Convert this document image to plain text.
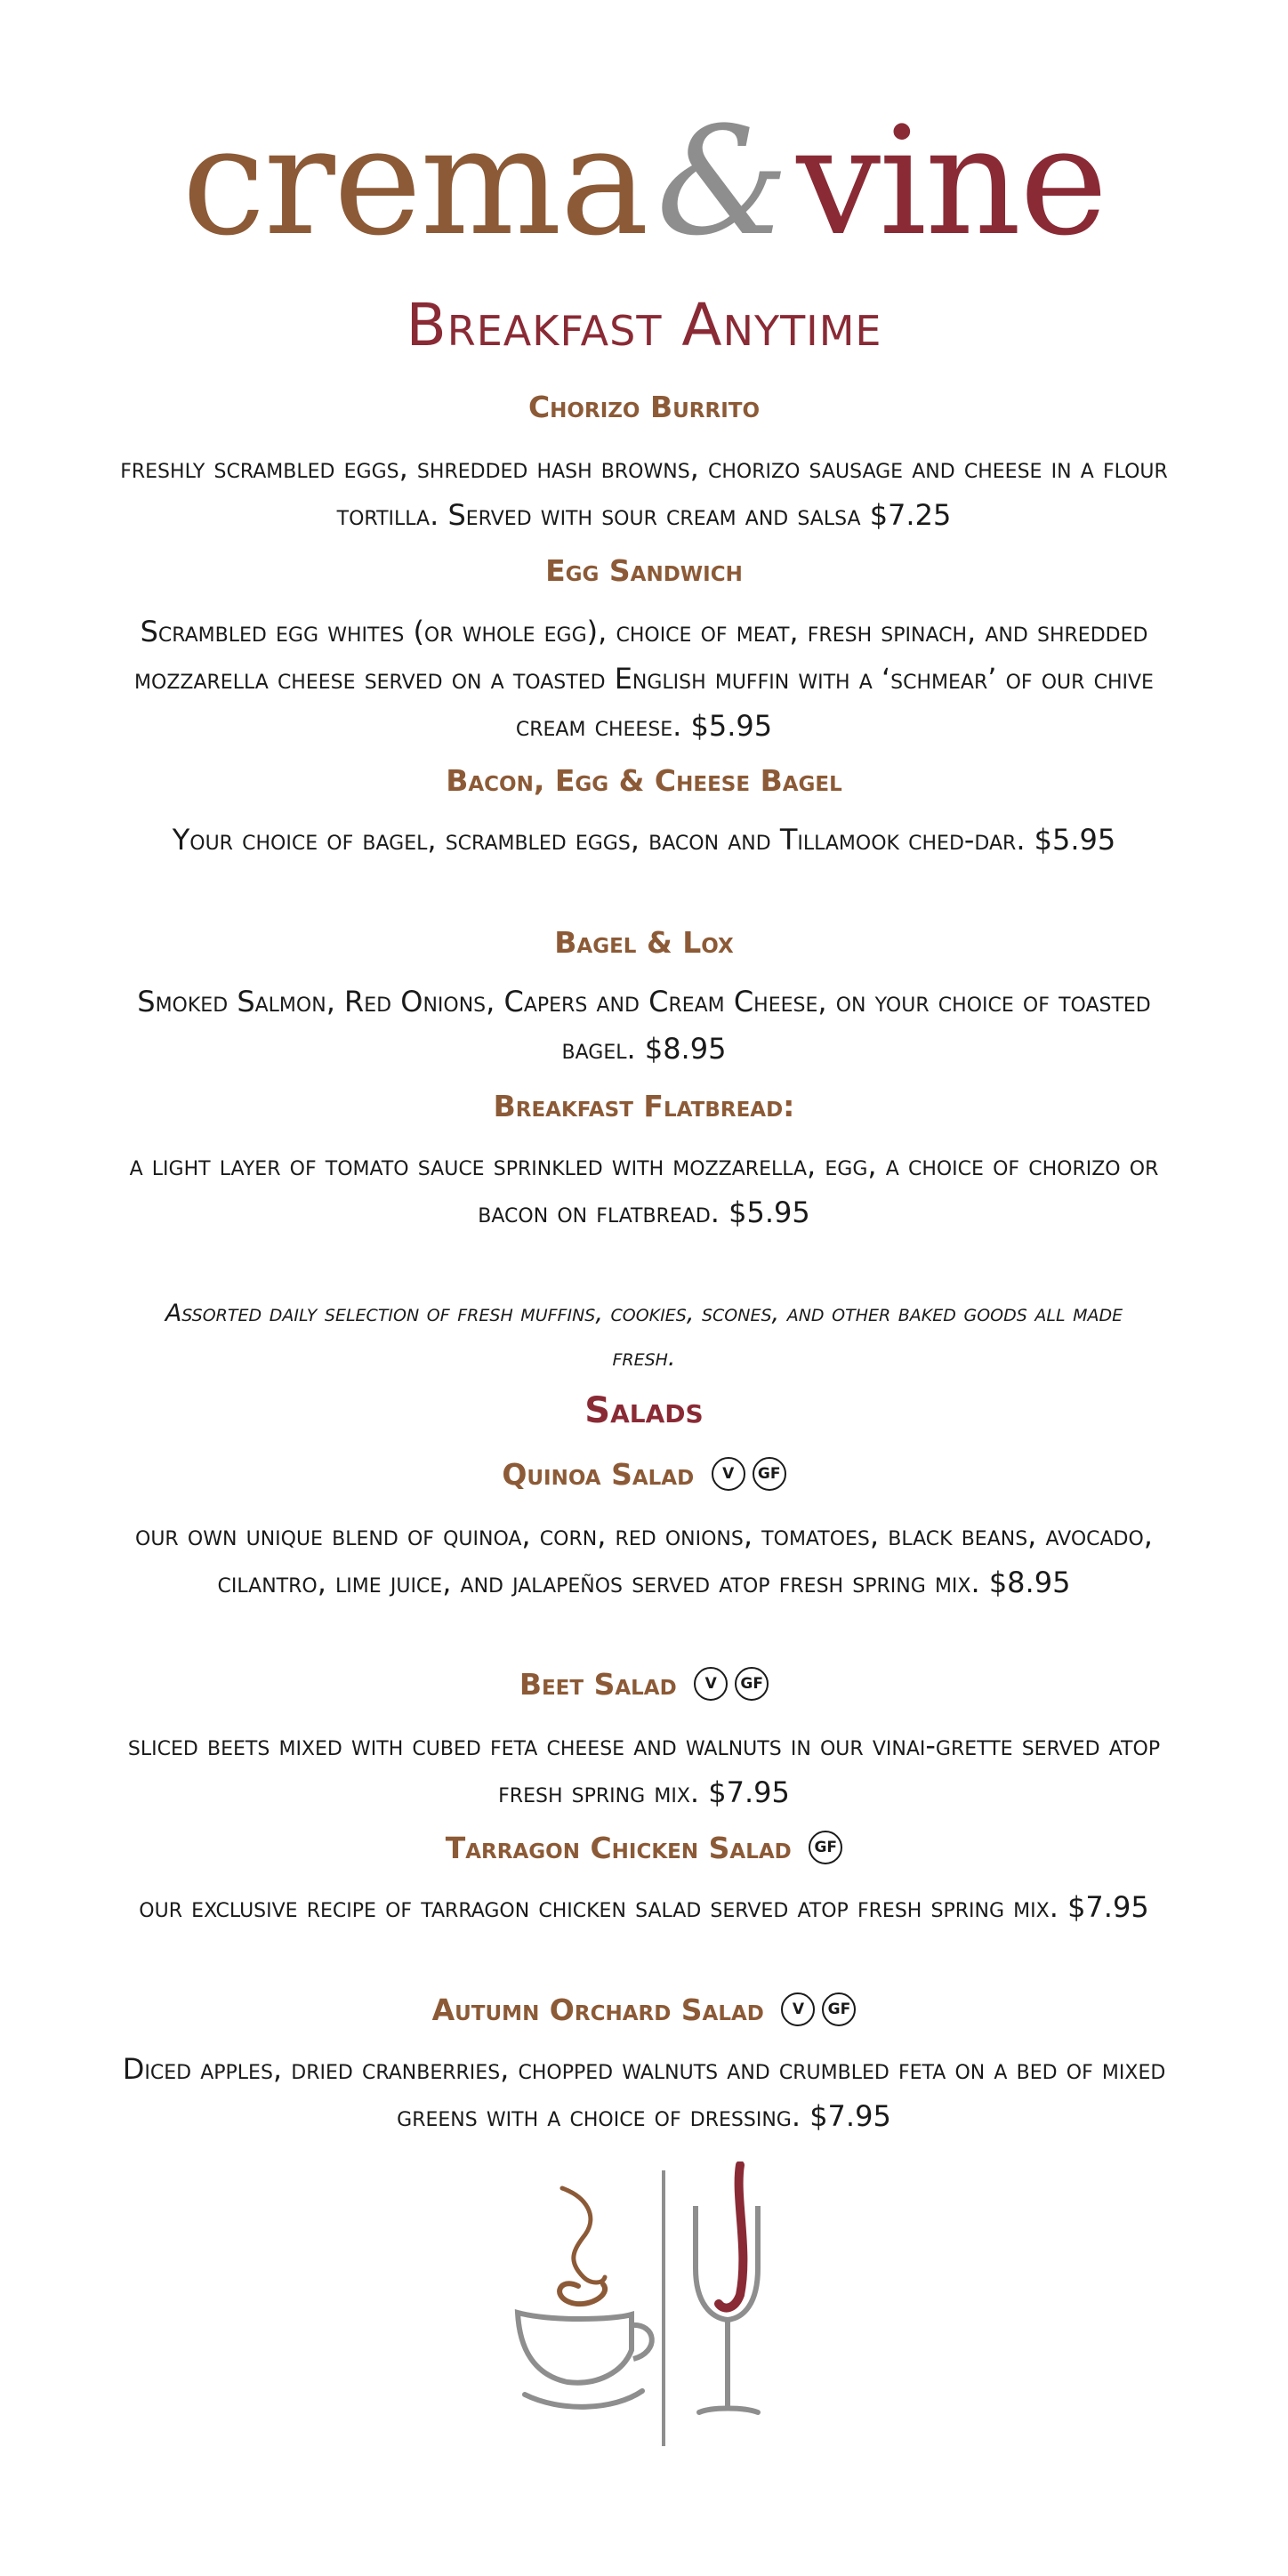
crema&vine
Breakfast Anytime
Chorizo Burrito
freshly scrambled eggs, shredded hash browns, chorizo sausage and cheese in a flour tortilla. Served with sour cream and salsa $7.25
Egg Sandwich
Scrambled egg whites (or whole egg), choice of meat, fresh spinach, and shredded mozzarella cheese served on a toasted English muffin with a ‘schmear’ of our chive cream cheese. $5.95
Bacon, Egg & Cheese Bagel
Your choice of bagel, scrambled eggs, bacon and Tillamook ched-dar. $5.95
Bagel & Lox
Smoked Salmon, Red Onions, Capers and Cream Cheese, on your choice of toasted bagel. $8.95
Breakfast Flatbread:
a light layer of tomato sauce sprinkled with mozzarella, egg, a choice of chorizo or bacon on flatbread. $5.95
Assorted daily selection of fresh muffins, cookies, scones, and other baked goods all made fresh.
Salads
Quinoa Salad V GF
our own unique blend of quinoa, corn, red onions, tomatoes, black beans, avocado, cilantro, lime juice, and jalapeños served atop fresh spring mix. $8.95
Beet Salad V GF
sliced beets mixed with cubed feta cheese and walnuts in our vinai-grette served atop fresh spring mix. $7.95
Tarragon Chicken Salad GF
our exclusive recipe of tarragon chicken salad served atop fresh spring mix. $7.95
Autumn Orchard Salad V GF
Diced apples, dried cranberries, chopped walnuts and crumbled feta on a bed of mixed greens with a choice of dressing. $7.95
